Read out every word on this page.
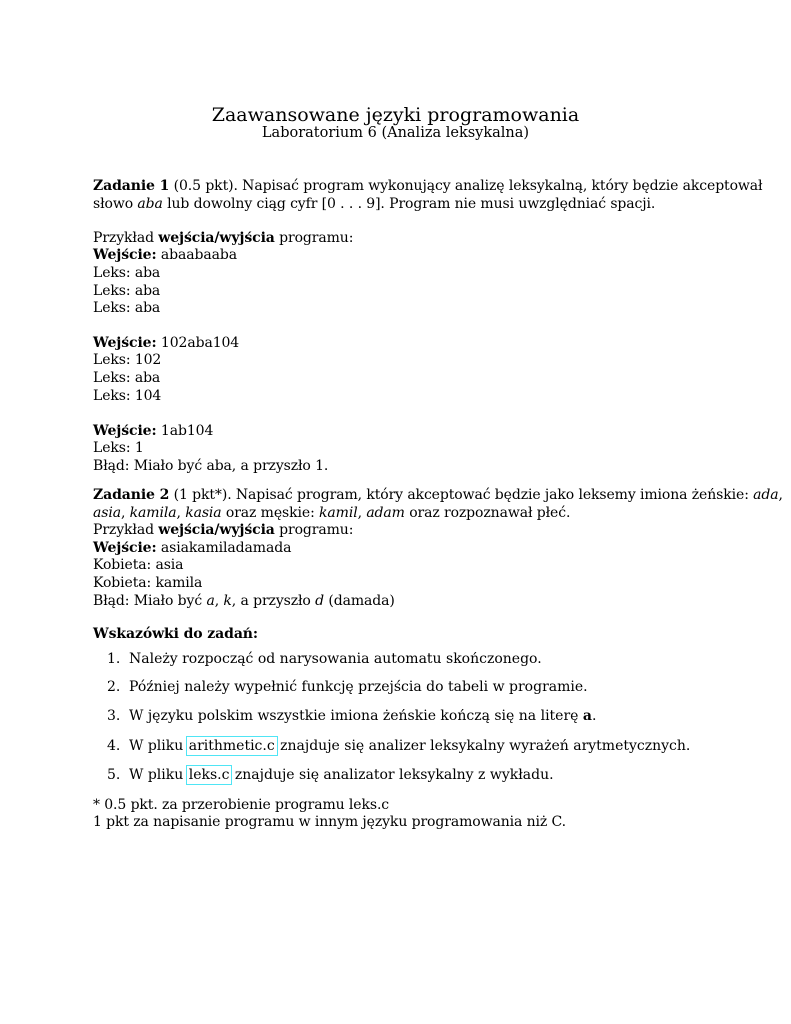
Zaawansowane języki programowania
Laboratorium 6 (Analiza leksykalna)
Zadanie 1 (0.5 pkt). Napisać program wykonujący analizę leksykalną, który będzie akceptował
słowo aba lub dowolny ciąg cyfr [0 . . . 9]. Program nie musi uwzględniać spacji.
Przykład wejścia/wyjścia programu:
Wejście: abaabaaba
Leks: aba
Leks: aba
Leks: aba
Wejście: 102aba104
Leks: 102
Leks: aba
Leks: 104
Wejście: 1ab104
Leks: 1
Błąd: Miało być aba, a przyszło 1.
Zadanie 2 (1 pkt*). Napisać program, który akceptować będzie jako leksemy imiona żeńskie: ada,
asia, kamila, kasia oraz męskie: kamil, adam oraz rozpoznawał płeć.
Przykład wejścia/wyjścia programu:
Wejście: asiakamiladamada
Kobieta: asia
Kobieta: kamila
Błąd: Miało być a, k, a przyszło d (damada)
Wskazówki do zadań:
1. Należy rozpocząć od narysowania automatu skończonego.
2. Później należy wypełnić funkcję przejścia do tabeli w programie.
3. W języku polskim wszystkie imiona żeńskie kończą się na literę a.
4. W pliku arithmetic.c znajduje się analizer leksykalny wyrażeń arytmetycznych.
5. W pliku leks.c znajduje się analizator leksykalny z wykładu.
* 0.5 pkt. za przerobienie programu leks.c
1 pkt za napisanie programu w innym języku programowania niż C.
